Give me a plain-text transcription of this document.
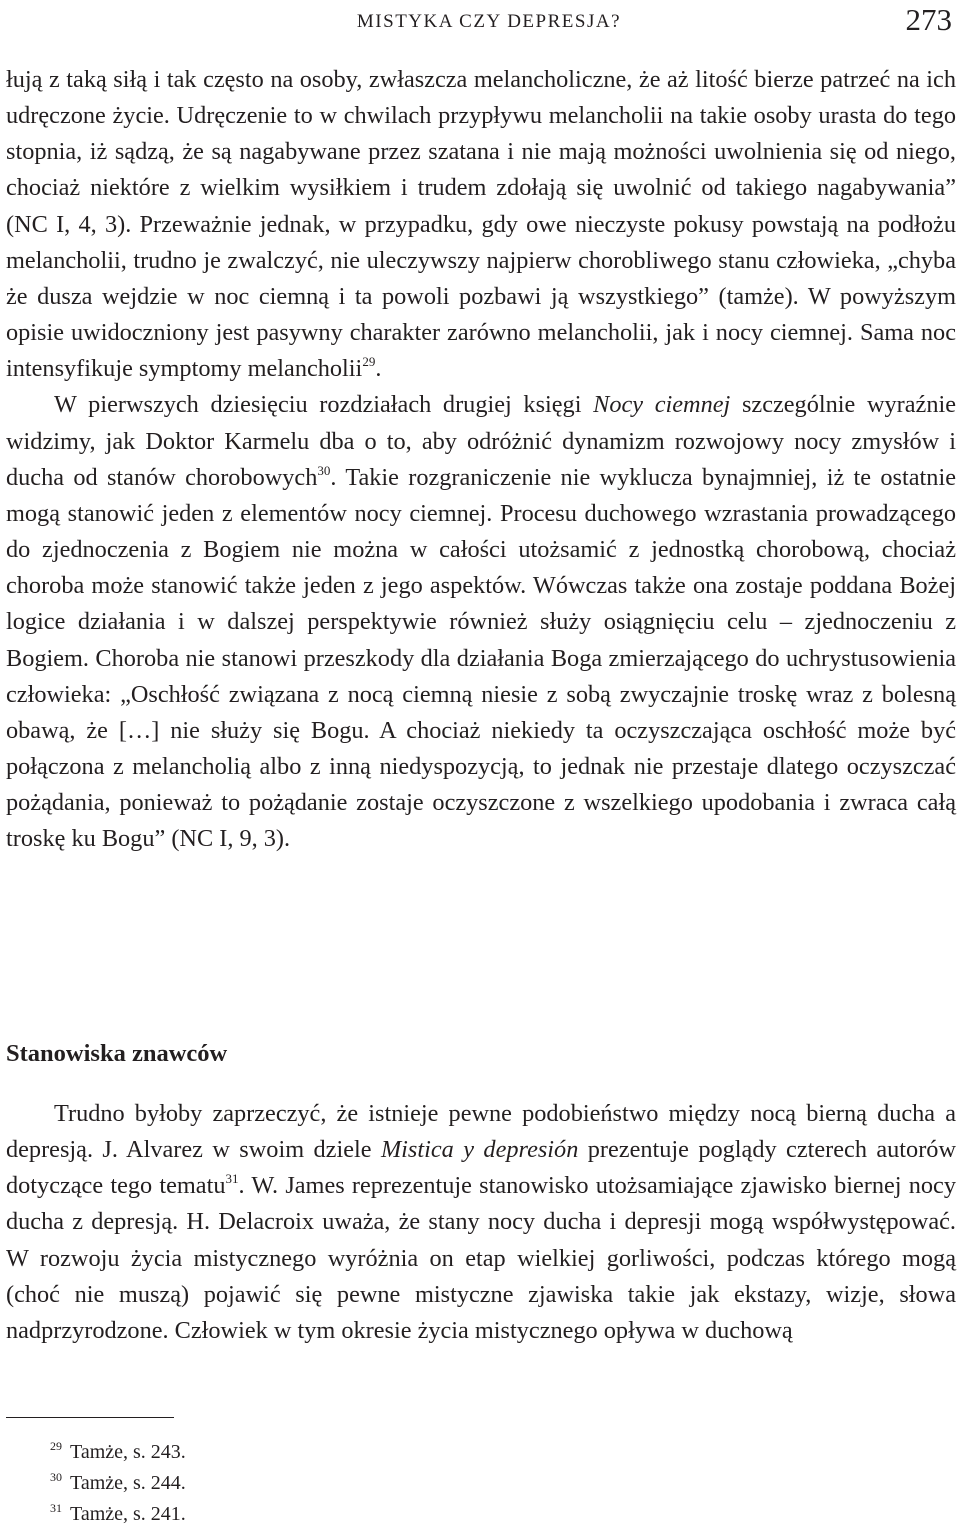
MISTYKA CZY DEPRESJA?	273

łują z taką siłą i tak często na osoby, zwłaszcza melancholiczne, że aż litość bierze patrzeć na ich udręczone życie. Udręczenie to w chwilach przypływu melancholii na takie osoby urasta do tego stopnia, iż sądzą, że są nagabywane przez szatana i nie mają możności uwolnienia się od niego, chociaż niektóre z wielkim wysiłkiem i trudem zdołają się uwolnić od takiego nagabywania” (NC I, 4, 3). Przeważnie jednak, w przypadku, gdy owe nieczyste pokusy powstają na podłożu melancholii, trudno je zwalczyć, nie uleczywszy najpierw chorobliwego stanu człowieka, „chyba że dusza wejdzie w noc ciemną i ta powoli pozbawi ją wszystkiego” (tamże). W powyższym opisie uwidoczniony jest pasywny charakter zarówno melancholii, jak i nocy ciemnej. Sama noc intensyfikuje symptomy melancholii$^{29}$.

W pierwszych dziesięciu rozdziałach drugiej księgi Nocy ciemnej szczególnie wyraźnie widzimy, jak Doktor Karmelu dba o to, aby odróżnić dynamizm rozwojowy nocy zmysłów i ducha od stanów chorobowych$^{30}$. Takie rozgraniczenie nie wyklucza bynajmniej, iż te ostatnie mogą stanowić jeden z elementów nocy ciemnej. Procesu duchowego wzrastania prowadzącego do zjednoczenia z Bogiem nie można w całości utożsamić z jednostką chorobową, chociaż choroba może stanowić także jeden z jego aspektów. Wówczas także ona zostaje poddana Bożej logice działania i w dalszej perspektywie również służy osiągnięciu celu – zjednoczeniu z Bogiem. Choroba nie stanowi przeszkody dla działania Boga zmierzającego do uchrystusowienia człowieka: „Oschłość związana z nocą ciemną niesie z sobą zwyczajnie troskę wraz z bolesną obawą, że […] nie służy się Bogu. A chociaż niekiedy ta oczyszczająca oschłość może być połączona z melancholią albo z inną niedyspozycją, to jednak nie przestaje dlatego oczyszczać pożądania, ponieważ to pożądanie zostaje oczyszczone z wszelkiego upodobania i zwraca całą troskę ku Bogu” (NC I, 9, 3).

Stanowiska znawców

Trudno byłoby zaprzeczyć, że istnieje pewne podobieństwo między nocą bierną ducha a depresją. J. Alvarez w swoim dziele Mistica y depresión prezentuje poglądy czterech autorów dotyczące tego tematu$^{31}$. W. James reprezentuje stanowisko utożsamiające zjawisko biernej nocy ducha z depresją. H. Delacroix uważa, że stany nocy ducha i depresji mogą współwystępować. W rozwoju życia mistycznego wyróżnia on etap wielkiej gorliwości, podczas którego mogą (choć nie muszą) pojawić się pewne mistyczne zjawiska takie jak ekstazy, wizje, słowa nadprzyrodzone. Człowiek w tym okresie życia mistycznego opływa w duchową

$^{29}$ Tamże, s. 243.
$^{30}$ Tamże, s. 244.
$^{31}$ Tamże, s. 241.
